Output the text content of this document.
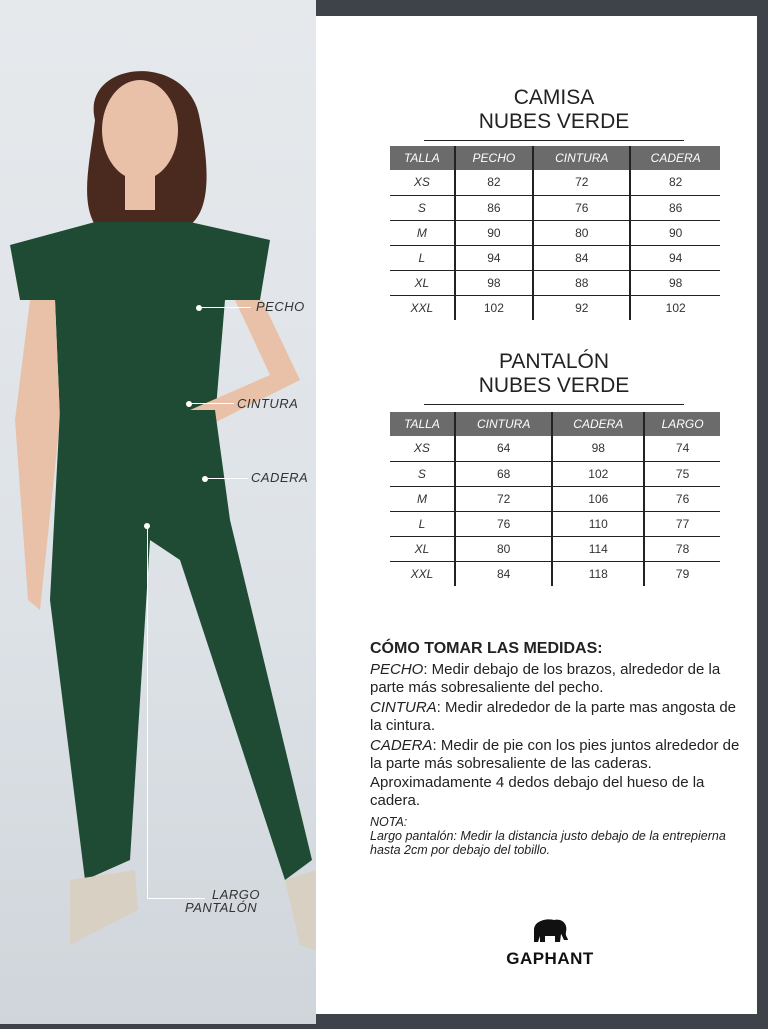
PECHO
CINTURA
CADERA
LARGO
PANTALÓN
CAMISA
NUBES VERDE
TALLA	PECHO	CINTURA	CADERA
XS	82	72	82
S	86	76	86
M	90	80	90
L	94	84	94
XL	98	88	98
XXL	102	92	102
PANTALÓN
NUBES VERDE
TALLA	CINTURA	CADERA	LARGO
XS	64	98	74
S	68	102	75
M	72	106	76
L	76	110	77
XL	80	114	78
XXL	84	118	79
CÓMO TOMAR LAS MEDIDAS:

PECHO: Medir debajo de los brazos, alrededor de la parte más sobresaliente del pecho.

CINTURA: Medir alrededor de la parte mas angosta de la cintura.

CADERA: Medir de pie con los pies juntos alrededor de la parte más sobresaliente de las caderas. Aproximadamente 4 dedos debajo del hueso de la cadera.

NOTA:
Largo pantalón: Medir la distancia justo debajo de la entrepierna hasta 2cm por debajo del tobillo.
GAPHANT
